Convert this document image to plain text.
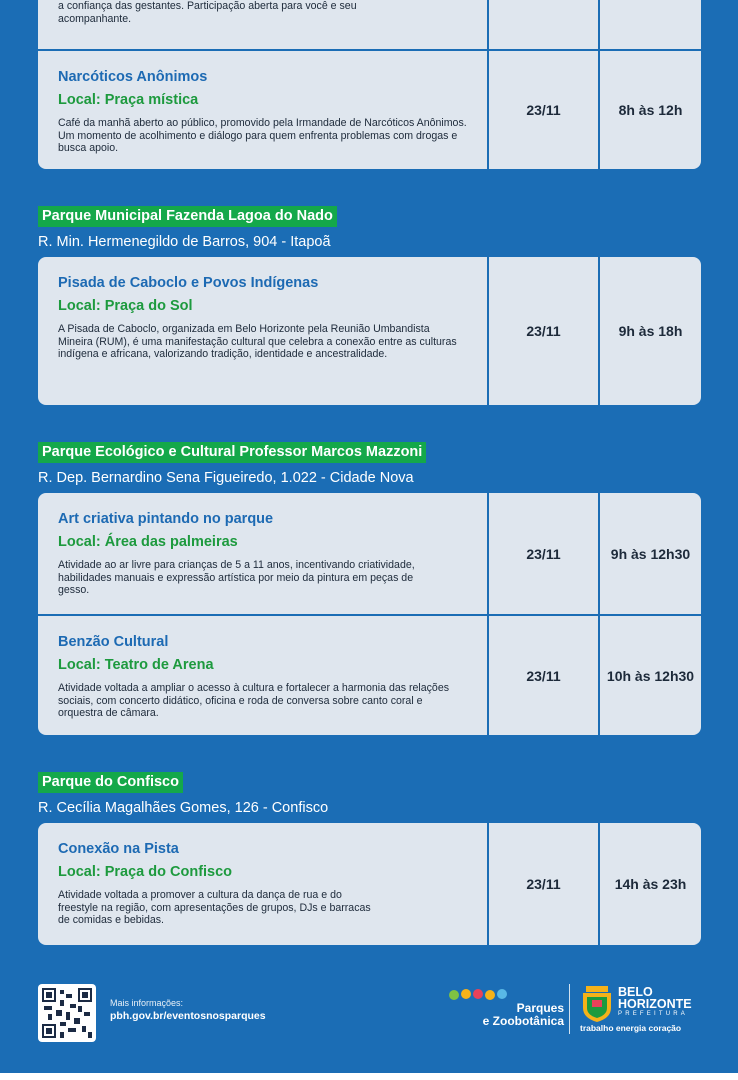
a confiança das gestantes. Participação aberta para você e seu acompanhante.
Narcóticos Anônimos
Local: Praça mística
Café da manhã aberto ao público, promovido pela Irmandade de Narcóticos Anônimos. Um momento de acolhimento e diálogo para quem enfrenta problemas com drogas e busca apoio.
23/11	8h às 12h
Parque Municipal Fazenda Lagoa do Nado
R. Min. Hermenegildo de Barros, 904 - Itapoã
Pisada de Caboclo e Povos Indígenas
Local: Praça do Sol
A Pisada de Caboclo, organizada em Belo Horizonte pela Reunião Umbandista Mineira (RUM), é uma manifestação cultural que celebra a conexão entre as culturas indígena e africana, valorizando tradição, identidade e ancestralidade.
23/11	9h às 18h
Parque Ecológico e Cultural Professor Marcos Mazzoni
R. Dep. Bernardino Sena Figueiredo, 1.022 - Cidade Nova
Art criativa pintando no parque
Local: Área das palmeiras
Atividade ao ar livre para crianças de 5 a 11 anos, incentivando criatividade, habilidades manuais e expressão artística por meio da pintura em peças de gesso.
23/11	9h às 12h30
Benzão Cultural
Local: Teatro de Arena
Atividade voltada a ampliar o acesso à cultura e fortalecer a harmonia das relações sociais, com concerto didático, oficina e roda de conversa sobre canto coral e orquestra de câmara.
23/11	10h às 12h30
Parque do Confisco
R. Cecília Magalhães Gomes, 126 - Confisco
Conexão na Pista
Local: Praça do Confisco
Atividade voltada a promover a cultura da dança de rua e do freestyle na região, com apresentações de grupos, DJs e barracas de comidas e bebidas.
23/11	14h às 23h
Mais informações:
pbh.gov.br/eventosnosparques
Parques
e Zoobotânica
BELO
HORIZONTE
PREFEITURA
trabalho energia coração
